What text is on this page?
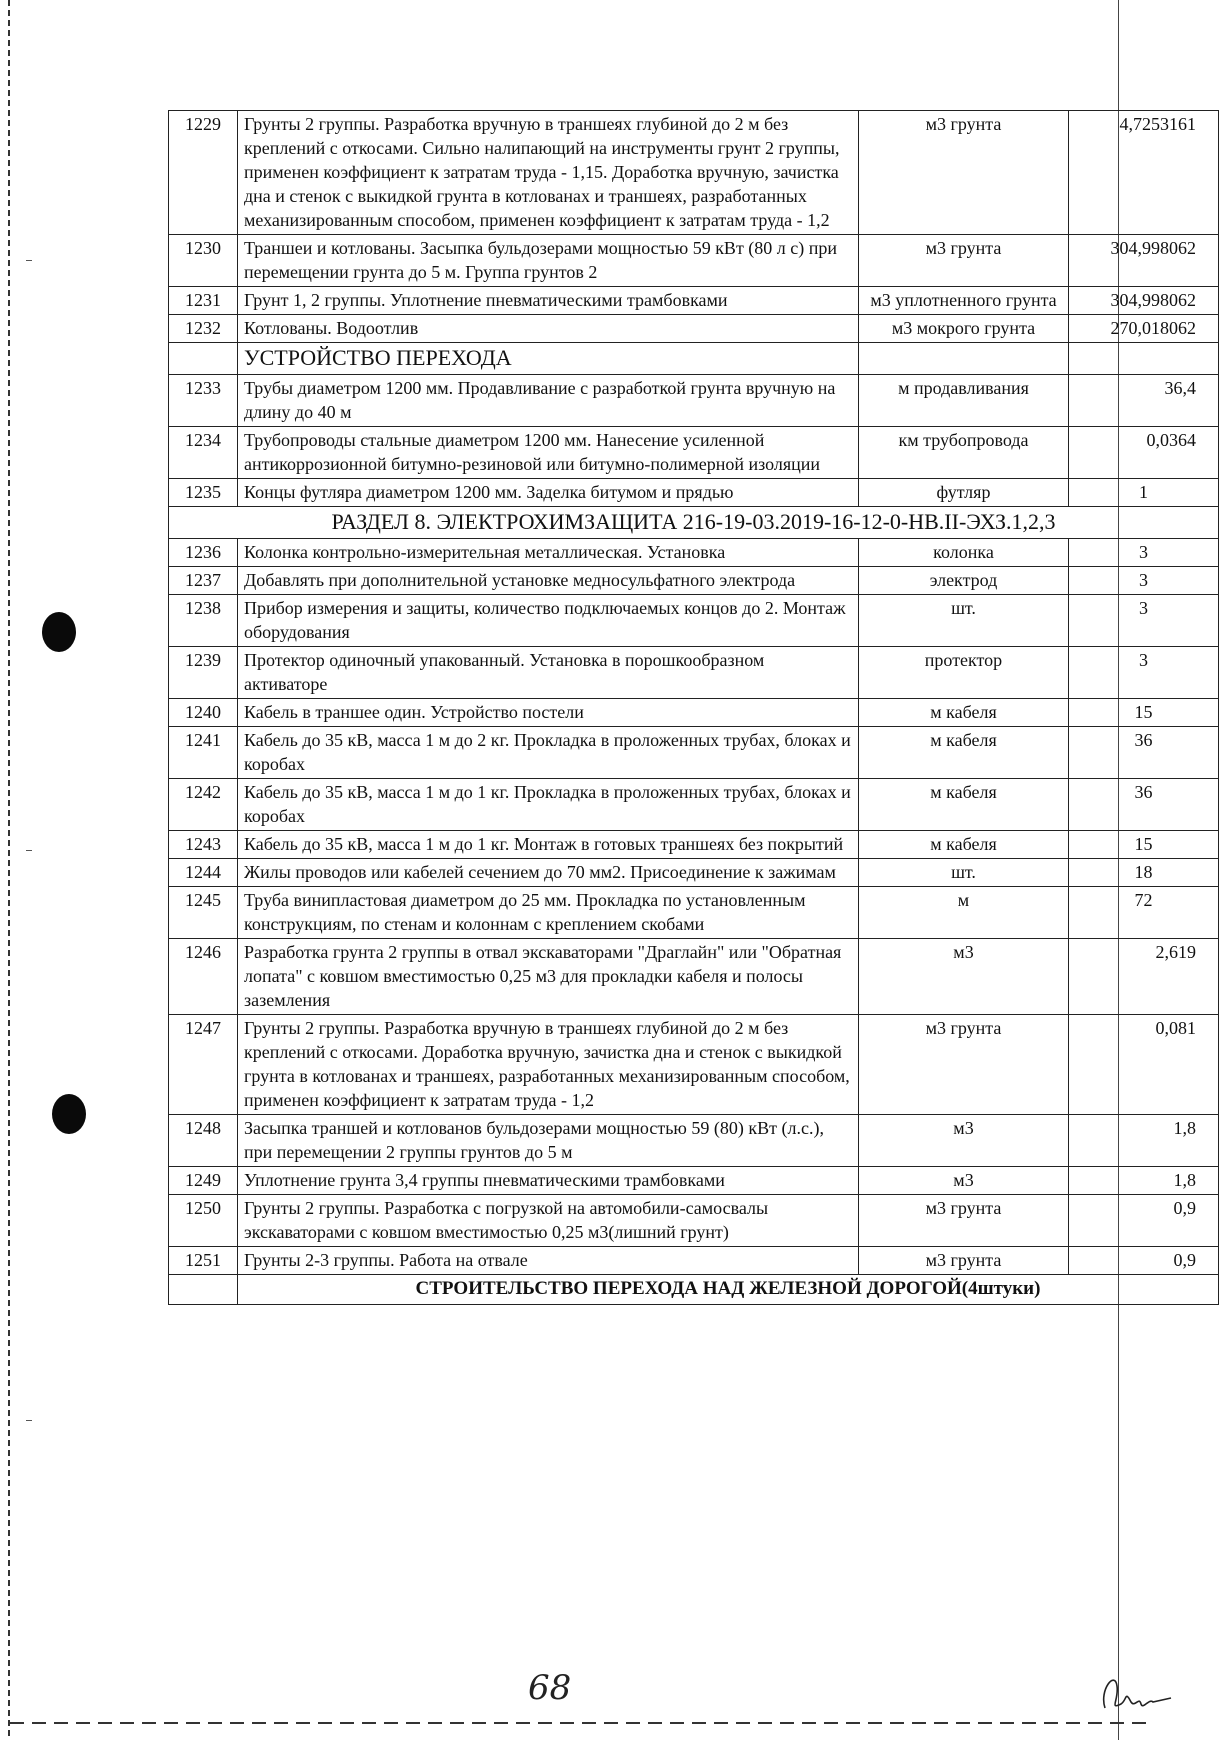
1229	Грунты 2 группы. Разработка вручную в траншеях глубиной до 2 м без креплений с откосами. Сильно налипающий на инструменты грунт 2 группы, применен коэффициент к затратам труда - 1,15. Доработка вручную, зачистка дна и стенок с выкидкой грунта в котлованах и траншеях, разработанных механизированным способом, применен коэффициент к затратам труда - 1,2	м3 грунта	4,7253161
1230	Траншеи и котлованы. Засыпка бульдозерами мощностью 59 кВт (80 л с) при перемещении грунта до 5 м. Группа грунтов 2	м3 грунта	304,998062
1231	Грунт 1, 2 группы. Уплотнение пневматическими трамбовками	м3 уплотненного грунта	304,998062
1232	Котлованы. Водоотлив	м3 мокрого грунта	270,018062
	УСТРОЙСТВО ПЕРЕХОДА		
1233	Трубы диаметром 1200 мм. Продавливание с разработкой грунта вручную на длину до 40 м	м продавливания	36,4
1234	Трубопроводы стальные диаметром 1200 мм. Нанесение усиленной антикоррозионной битумно-резиновой или битумно-полимерной изоляции	км трубопровода	0,0364
1235	Концы футляра диаметром 1200 мм. Заделка битумом и прядью	футляр	1
РАЗДЕЛ 8. ЭЛЕКТРОХИМЗАЩИТА 216-19-03.2019-16-12-0-НВ.II-ЭХЗ.1,2,3			
1236	Колонка контрольно-измерительная металлическая. Установка	колонка	3
1237	Добавлять при дополнительной установке медносульфатного электрода	электрод	3
1238	Прибор измерения и защиты, количество подключаемых концов до 2. Монтаж оборудования	шт.	3
1239	Протектор одиночный упакованный. Установка в порошкообразном активаторе	протектор	3
1240	Кабель в траншее один. Устройство постели	м кабеля	15
1241	Кабель до 35 кВ, масса 1 м до 2 кг. Прокладка в проложенных трубах, блоках и коробах	м кабеля	36
1242	Кабель до 35 кВ, масса 1 м до 1 кг. Прокладка в проложенных трубах, блоках и коробах	м кабеля	36
1243	Кабель до 35 кВ, масса 1 м до 1 кг. Монтаж в готовых траншеях без покрытий	м кабеля	15
1244	Жилы проводов или кабелей сечением до 70 мм2. Присоединение к зажимам	шт.	18
1245	Труба винипластовая диаметром до 25 мм. Прокладка по установленным конструкциям, по стенам и колоннам с креплением скобами	м	72
1246	Разработка грунта 2 группы в отвал экскаваторами "Драглайн" или "Обратная лопата" с ковшом вместимостью 0,25 м3 для прокладки кабеля и полосы заземления	м3	2,619
1247	Грунты 2 группы. Разработка вручную в траншеях глубиной до 2 м без креплений с откосами. Доработка вручную, зачистка дна и стенок с выкидкой грунта в котлованах и траншеях, разработанных механизированным способом, применен коэффициент к затратам труда - 1,2	м3 грунта	0,081
1248	Засыпка траншей и котлованов бульдозерами мощностью 59 (80) кВт (л.с.), при перемещении 2 группы грунтов до 5 м	м3	1,8
1249	Уплотнение грунта 3,4 группы пневматическими трамбовками	м3	1,8
1250	Грунты 2 группы. Разработка с погрузкой на автомобили-самосвалы экскаваторами с ковшом вместимостью 0,25 м3(лишний грунт)	м3 грунта	0,9
1251	Грунты 2-3 группы. Работа на отвале	м3 грунта	0,9
	СТРОИТЕЛЬСТВО ПЕРЕХОДА НАД ЖЕЛЕЗНОЙ ДОРОГОЙ(4штуки)		
68
